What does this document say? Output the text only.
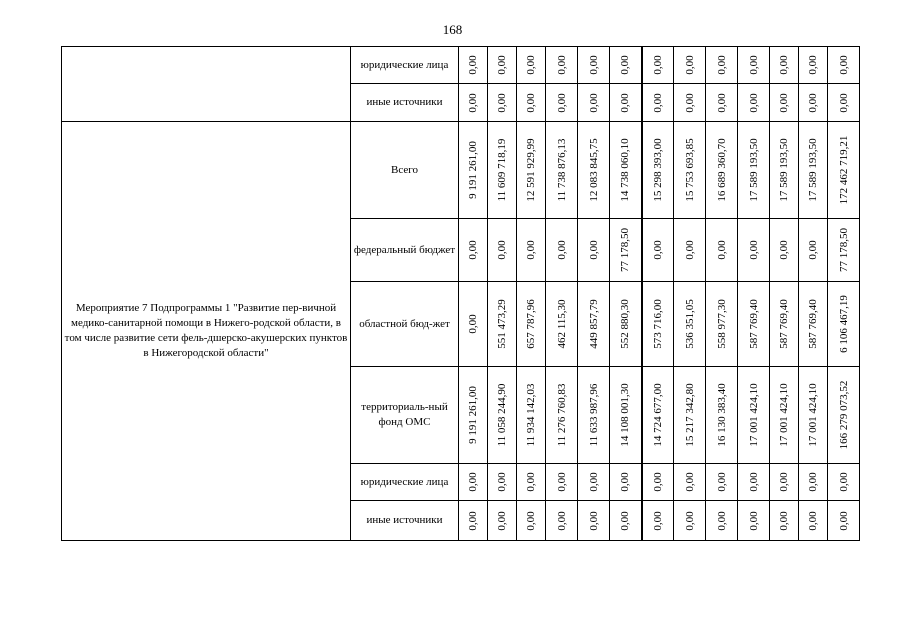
168
	юридические лица	0,00	0,00	0,00	0,00	0,00	0,00	0,00	0,00	0,00	0,00	0,00	0,00	0,00

	иные источники	0,00	0,00	0,00	0,00	0,00	0,00	0,00	0,00	0,00	0,00	0,00	0,00	0,00

Мероприятие 7 Подпрограммы 1 "Развитие пер-вичной медико-санитарной помощи в Нижего-родской области, в том числе развитие сети фель-дшерско-акушерских пунктов в Нижегородской области"	Всего	9 191 261,00	11 609 718,19	12 591 929,99	11 738 876,13	12 083 845,75	14 738 060,10	15 298 393,00	15 753 693,85	16 689 360,70	17 589 193,50	17 589 193,50	17 589 193,50	172 462 719,21

	федеральный бюджет	0,00	0,00	0,00	0,00	0,00	77 178,50	0,00	0,00	0,00	0,00	0,00	0,00	77 178,50

	областной бюд-жет	0,00	551 473,29	657 787,96	462 115,30	449 857,79	552 880,30	573 716,00	536 351,05	558 977,30	587 769,40	587 769,40	587 769,40	6 106 467,19

	территориаль-ный фонд ОМС	9 191 261,00	11 058 244,90	11 934 142,03	11 276 760,83	11 633 987,96	14 108 001,30	14 724 677,00	15 217 342,80	16 130 383,40	17 001 424,10	17 001 424,10	17 001 424,10	166 279 073,52

	юридические лица	0,00	0,00	0,00	0,00	0,00	0,00	0,00	0,00	0,00	0,00	0,00	0,00	0,00

	иные источники	0,00	0,00	0,00	0,00	0,00	0,00	0,00	0,00	0,00	0,00	0,00	0,00	0,00
